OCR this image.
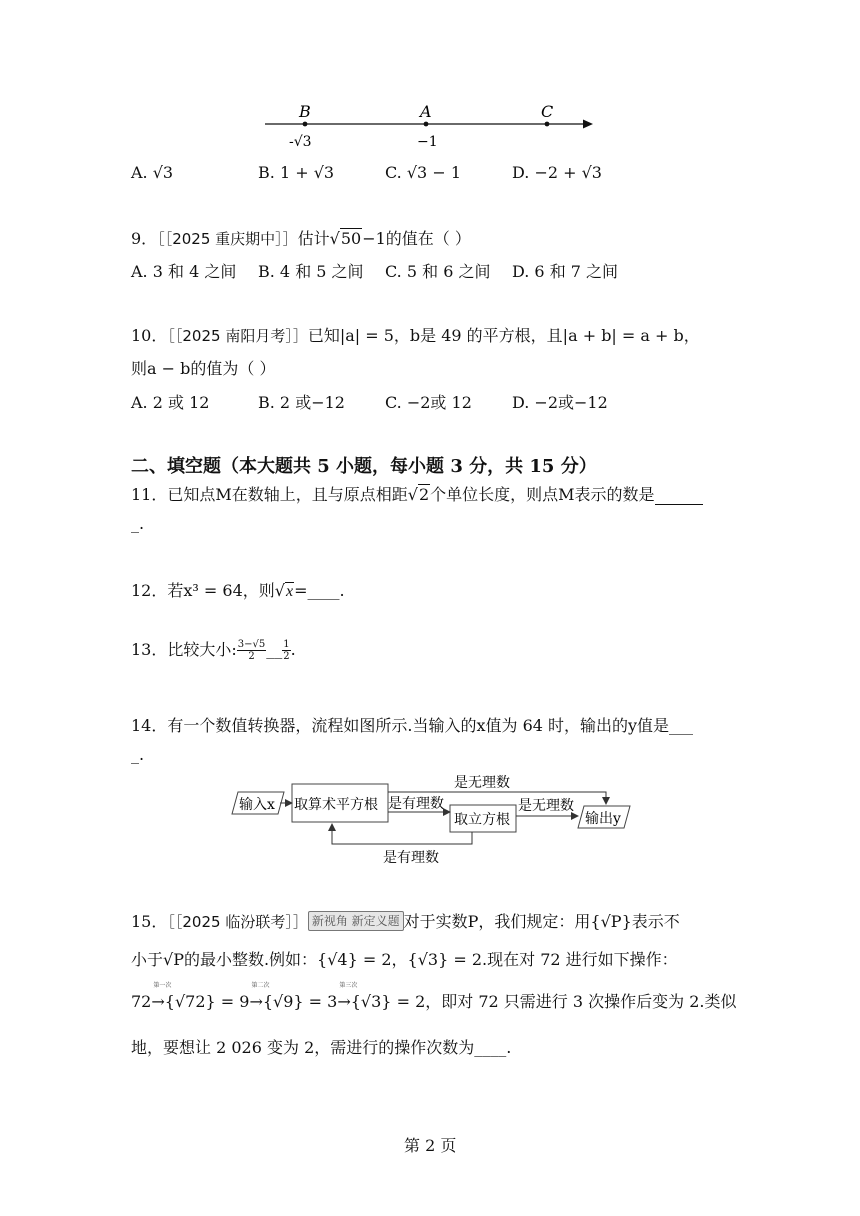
B	A	C
-√3	−1
A. √3	B. 1 + √3	C. √3 − 1	D. −2 + √3
9．［［2025 重庆期中］］估计√50−1的值在（ ）
A. 3 和 4 之间 B. 4 和 5 之间 C. 5 和 6 之间 D. 6 和 7 之间
10．［［2025 南阳月考］］已知|a| = 5，b是 49 的平方根，且|a + b| = a + b，
则a − b的值为（ ）
A. 2 或 12	B. 2 或−12	C. −2或 12	D. −2或−12
二、填空题（本大题共 5 小题，每小题 3 分，共 15 分）
11．已知点M在数轴上，且与原点相距√2个单位长度，则点M表示的数是
_.
12．若x³ = 64，则√x=____.
13．比较大小: $\frac{3-√5}{2}\_\_ \frac{1}{2}$.
14．有一个数值转换器，流程如图所示.当输入的x值为 64 时，输出的y值是___
_.
输入x 取算术平方根 是有理数
取立方根
是无理数
是无理数
输出y
是有理数
15．［［2025 临汾联考］］ 新视角 新定义题 对于实数P，我们规定：用{√P}表示不
小于√P的最小整数.例如：{√4} = 2，{√3} = 2.现在对 72 进行如下操作：
72
第一次
→{√72} = 9
第二次
→{√9} = 3
第三次
→{√3} = 2，即对 72 只需进行 3 次操作后变为 2.类似
地，要想让 2 026 变为 2，需进行的操作次数为____.
第 2 页
